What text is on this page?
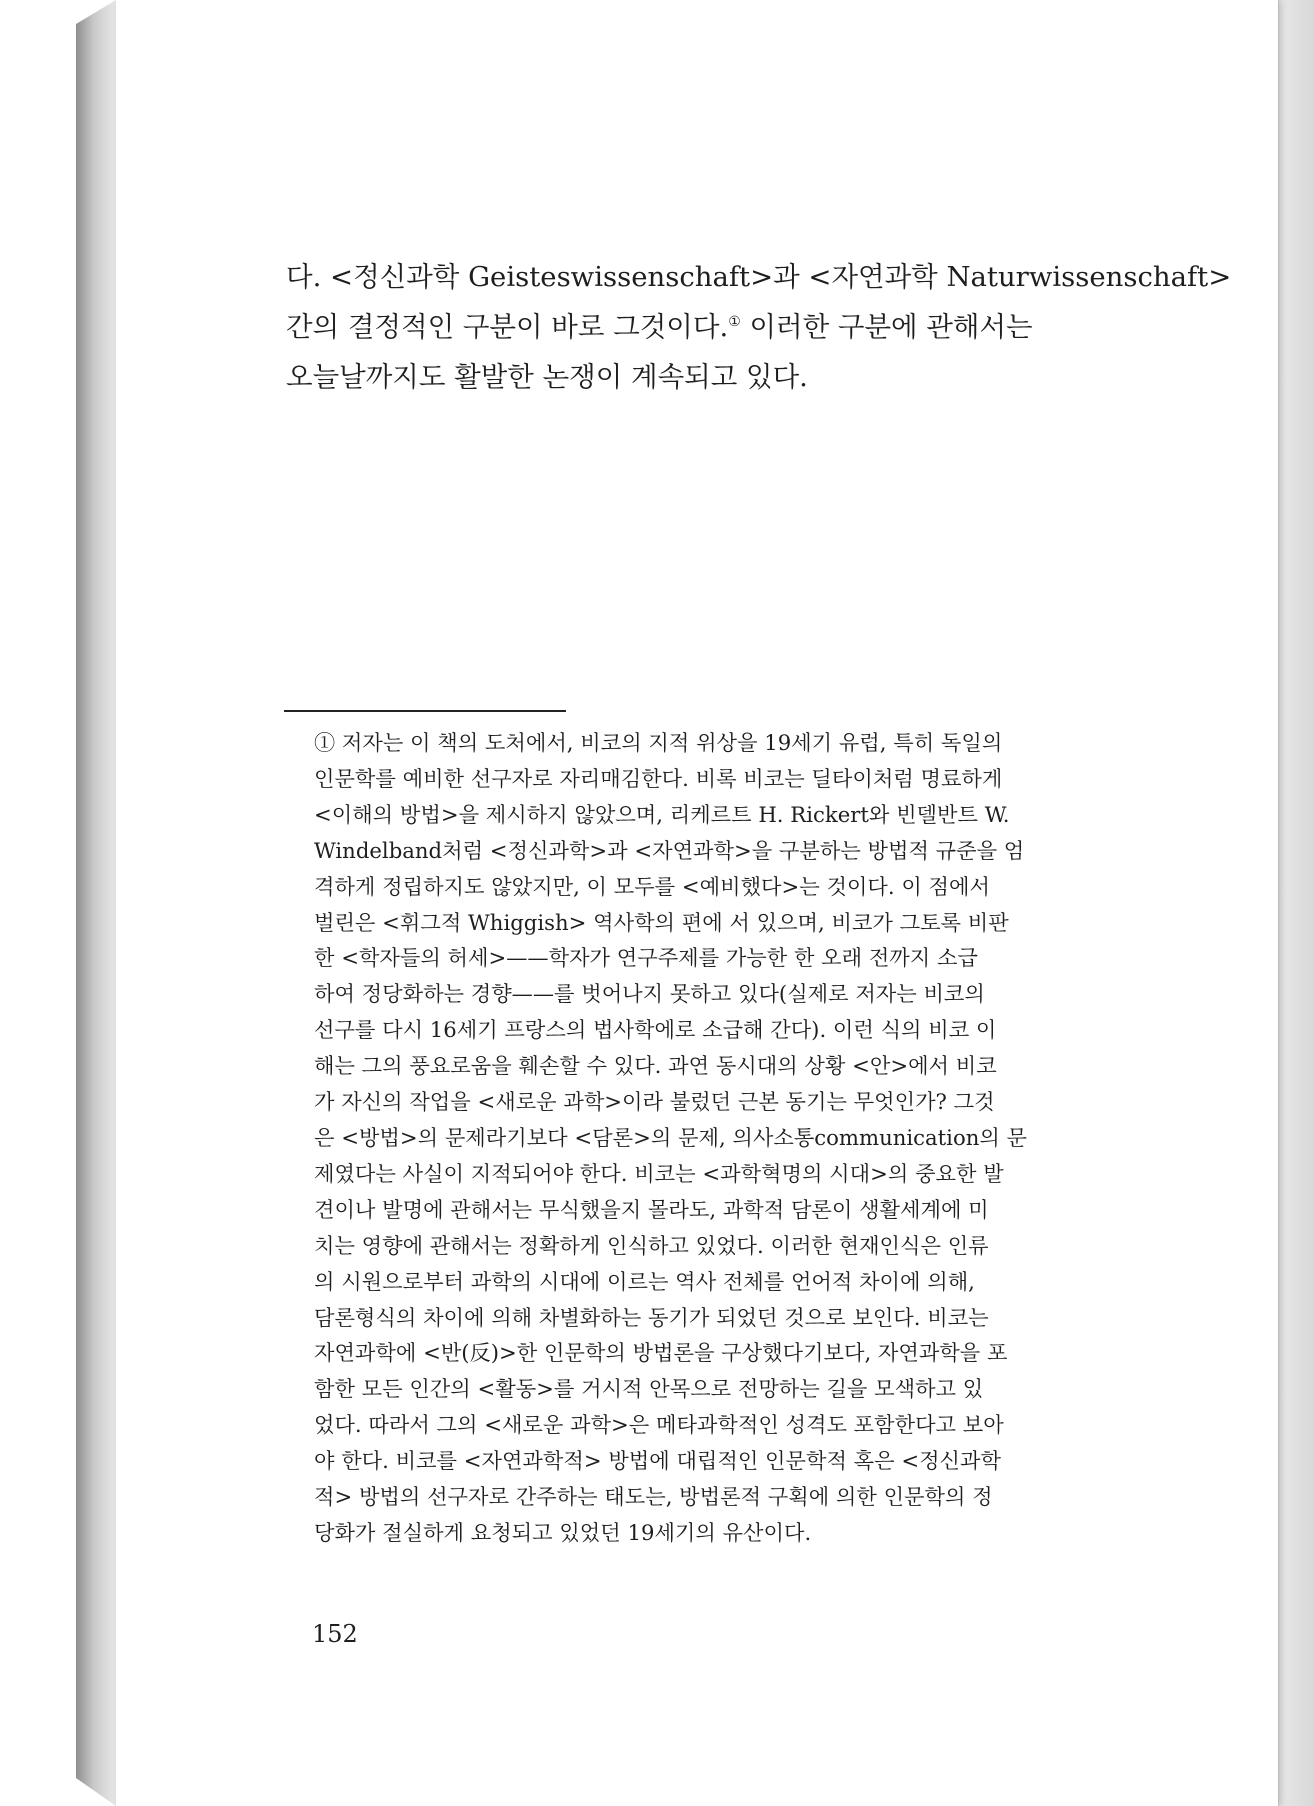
다. <정신과학 Geisteswissenschaft>과 <자연과학 Naturwissenschaft>
간의 결정적인 구분이 바로 그것이다.① 이러한 구분에 관해서는
오늘날까지도 활발한 논쟁이 계속되고 있다.

① 저자는 이 책의 도처에서, 비코의 지적 위상을 19세기 유럽, 특히 독일의
인문학를 예비한 선구자로 자리매김한다. 비록 비코는 딜타이처럼 명료하게
<이해의 방법>을 제시하지 않았으며, 리케르트 H. Rickert와 빈델반트 W.
Windelband처럼 <정신과학>과 <자연과학>을 구분하는 방법적 규준을 엄
격하게 정립하지도 않았지만, 이 모두를 <예비했다>는 것이다. 이 점에서
벌린은 <휘그적 Whiggish> 역사학의 편에 서 있으며, 비코가 그토록 비판
한 <학자들의 허세>——학자가 연구주제를 가능한 한 오래 전까지 소급
하여 정당화하는 경향——를 벗어나지 못하고 있다(실제로 저자는 비코의
선구를 다시 16세기 프랑스의 법사학에로 소급해 간다). 이런 식의 비코 이
해는 그의 풍요로움을 훼손할 수 있다. 과연 동시대의 상황 <안>에서 비코
가 자신의 작업을 <새로운 과학>이라 불렀던 근본 동기는 무엇인가? 그것
은 <방법>의 문제라기보다 <담론>의 문제, 의사소통communication의 문
제였다는 사실이 지적되어야 한다. 비코는 <과학혁명의 시대>의 중요한 발
견이나 발명에 관해서는 무식했을지 몰라도, 과학적 담론이 생활세계에 미
치는 영향에 관해서는 정확하게 인식하고 있었다. 이러한 현재인식은 인류
의 시원으로부터 과학의 시대에 이르는 역사 전체를 언어적 차이에 의해,
담론형식의 차이에 의해 차별화하는 동기가 되었던 것으로 보인다. 비코는
자연과학에 <반(反)>한 인문학의 방법론을 구상했다기보다, 자연과학을 포
함한 모든 인간의 <활동>를 거시적 안목으로 전망하는 길을 모색하고 있
었다. 따라서 그의 <새로운 과학>은 메타과학적인 성격도 포함한다고 보아
야 한다. 비코를 <자연과학적> 방법에 대립적인 인문학적 혹은 <정신과학
적> 방법의 선구자로 간주하는 태도는, 방법론적 구획에 의한 인문학의 정
당화가 절실하게 요청되고 있었던 19세기의 유산이다.

152
